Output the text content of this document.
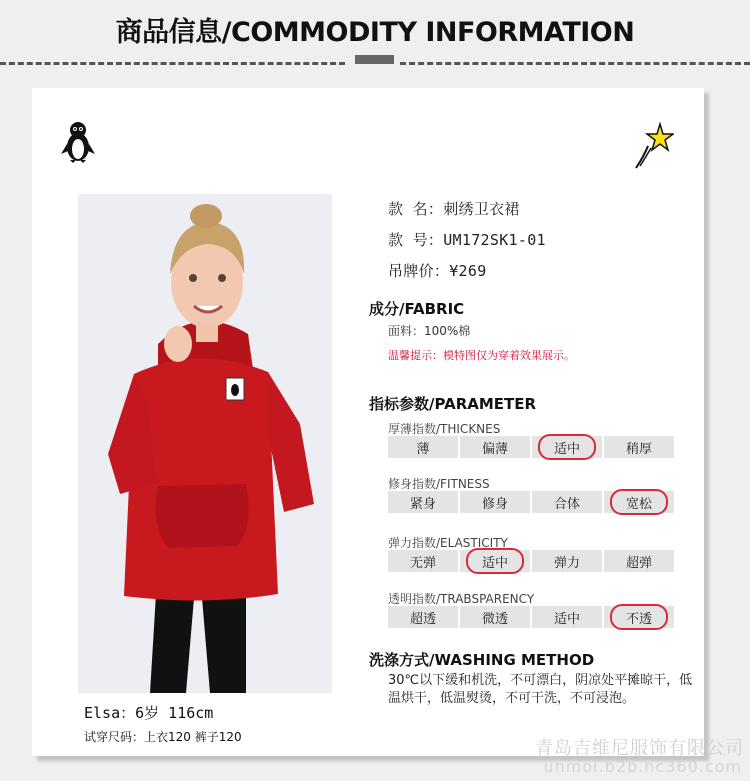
商品信息/COMMODITY INFORMATION
Elsa：6岁 116cm
试穿尺码：上衣120 裤子120
款 名：刺绣卫衣裙
款 号：UM172SK1-01
吊牌价：¥269
成分/FABRIC
面料：100%棉
温馨提示：模特图仅为穿着效果展示。
指标参数/PARAMETER
厚薄指数/THICKNES
薄	偏薄	适中	稍厚
修身指数/FITNESS
紧身	修身	合体	宽松
弹力指数/ELASTICITY
无弹	适中	弹力	超弹
透明指数/TRABSPARENCY
超透	微透	适中	不透
洗涤方式/WASHING METHOD
30℃以下缓和机洗，不可漂白，阴凉处平摊晾干，低温烘干，低温熨烫，不可干洗，不可浸泡。
青岛吉维尼服饰有限公司
uhmoi.b2b.hc360.com
